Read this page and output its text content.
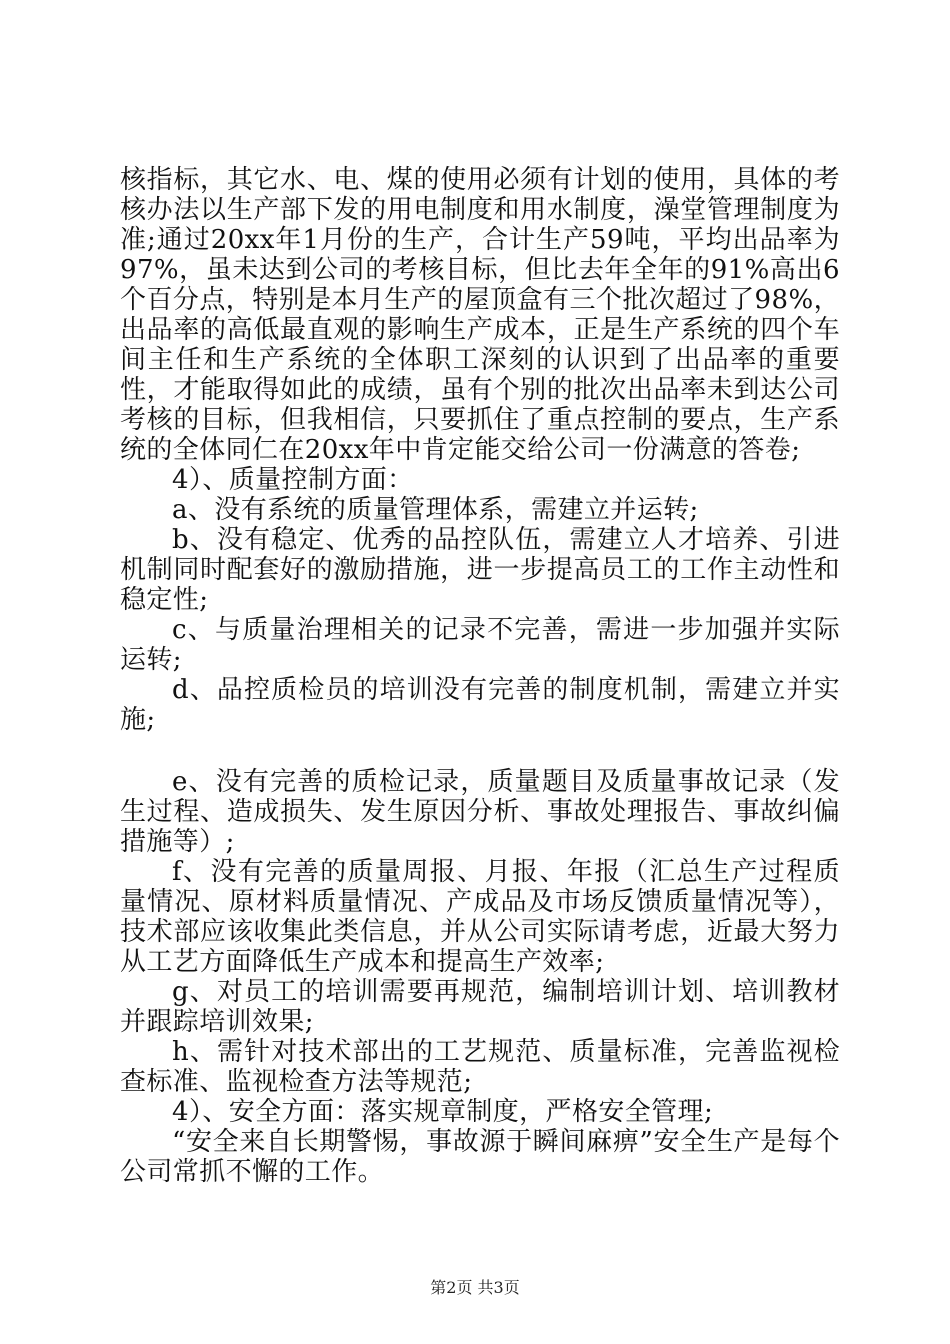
核指标，其它水、电、煤的使用必须有计划的使用，具体的考核办法以生产部下发的用电制度和用水制度，澡堂管理制度为准;通过20xx年1月份的生产，合计生产59吨，平均出品率为97%，虽未达到公司的考核目标，但比去年全年的91%高出6个百分点，特别是本月生产的屋顶盒有三个批次超过了98%，出品率的高低最直观的影响生产成本，正是生产系统的四个车间主任和生产系统的全体职工深刻的认识到了出品率的重要性，才能取得如此的成绩，虽有个别的批次出品率未到达公司考核的目标，但我相信，只要抓住了重点控制的要点，生产系统的全体同仁在20xx年中肯定能交给公司一份满意的答卷;

4）、质量控制方面：

a、没有系统的质量管理体系，需建立并运转;

b、没有稳定、优秀的品控队伍，需建立人才培养、引进机制同时配套好的激励措施，进一步提高员工的工作主动性和稳定性;

c、与质量治理相关的记录不完善，需进一步加强并实际运转;

d、品控质检员的培训没有完善的制度机制，需建立并实施;

e、没有完善的质检记录，质量题目及质量事故记录（发生过程、造成损失、发生原因分析、事故处理报告、事故纠偏措施等）;

f、没有完善的质量周报、月报、年报（汇总生产过程质量情况、原材料质量情况、产成品及市场反馈质量情况等），技术部应该收集此类信息，并从公司实际请考虑，近最大努力从工艺方面降低生产成本和提高生产效率;

g、对员工的培训需要再规范，编制培训计划、培训教材并跟踪培训效果;

h、需针对技术部出的工艺规范、质量标准，完善监视检查标准、监视检查方法等规范;

4）、安全方面：落实规章制度，严格安全管理;

“安全来自长期警惕，事故源于瞬间麻痹”安全生产是每个公司常抓不懈的工作。

第2页 共3页
